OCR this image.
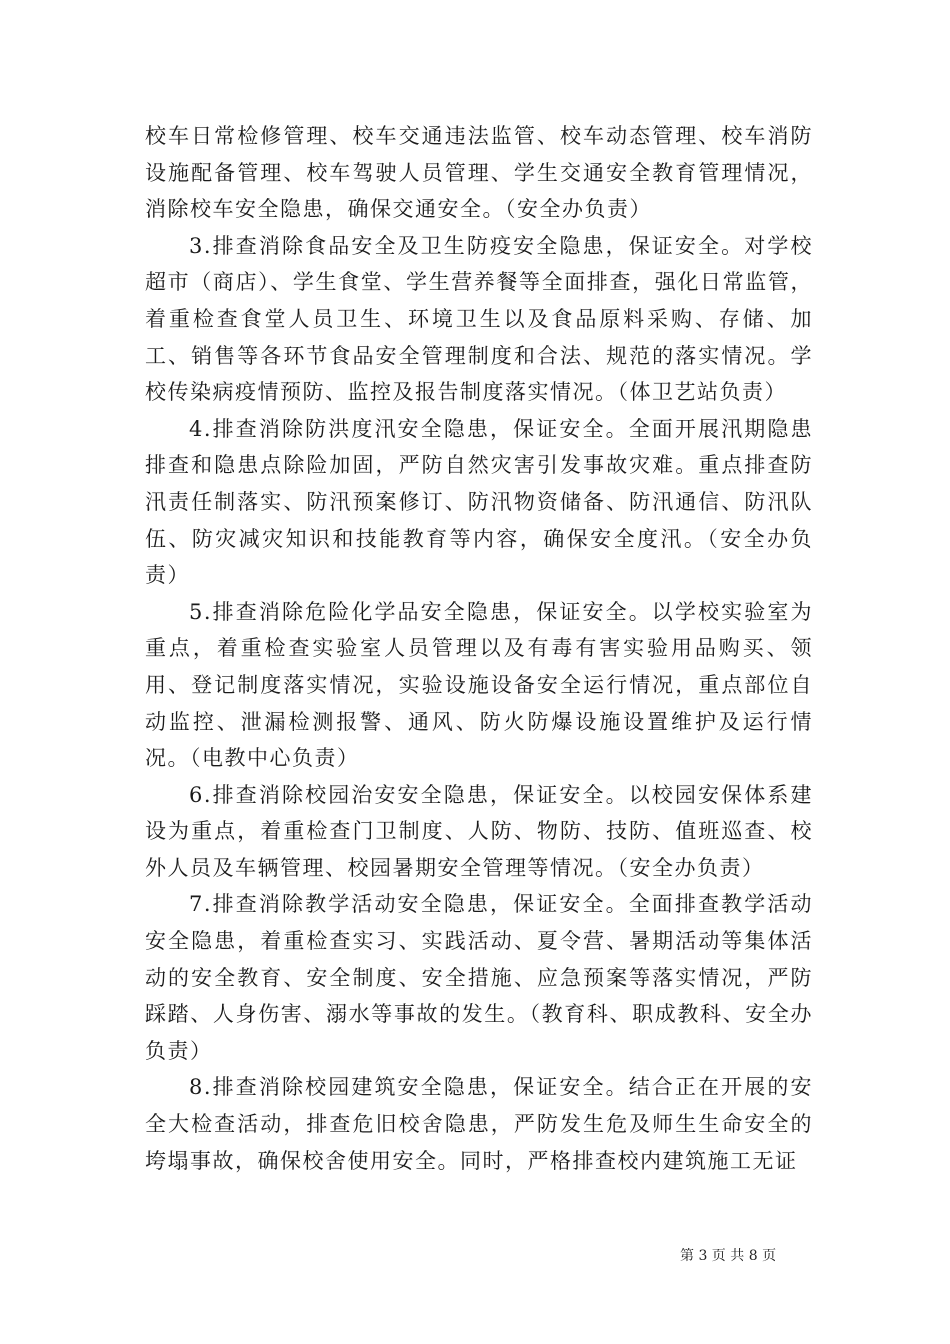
校车日常检修管理、校车交通违法监管、校车动态管理、校车消防设施配备管理、校车驾驶人员管理、学生交通安全教育管理情况，消除校车安全隐患，确保交通安全。（安全办负责）

3.排查消除食品安全及卫生防疫安全隐患，保证安全。对学校超市（商店）、学生食堂、学生营养餐等全面排查，强化日常监管，着重检查食堂人员卫生、环境卫生以及食品原料采购、存储、加工、销售等各环节食品安全管理制度和合法、规范的落实情况。学校传染病疫情预防、监控及报告制度落实情况。（体卫艺站负责）

4.排查消除防洪度汛安全隐患，保证安全。全面开展汛期隐患排查和隐患点除险加固，严防自然灾害引发事故灾难。重点排查防汛责任制落实、防汛预案修订、防汛物资储备、防汛通信、防汛队伍、防灾减灾知识和技能教育等内容，确保安全度汛。（安全办负责）

5.排查消除危险化学品安全隐患，保证安全。以学校实验室为重点，着重检查实验室人员管理以及有毒有害实验用品购买、领用、登记制度落实情况，实验设施设备安全运行情况，重点部位自动监控、泄漏检测报警、通风、防火防爆设施设置维护及运行情况。（电教中心负责）

6.排查消除校园治安安全隐患，保证安全。以校园安保体系建设为重点，着重检查门卫制度、人防、物防、技防、值班巡查、校外人员及车辆管理、校园暑期安全管理等情况。（安全办负责）

7.排查消除教学活动安全隐患，保证安全。全面排查教学活动安全隐患，着重检查实习、实践活动、夏令营、暑期活动等集体活动的安全教育、安全制度、安全措施、应急预案等落实情况，严防踩踏、人身伤害、溺水等事故的发生。（教育科、职成教科、安全办负责）

8.排查消除校园建筑安全隐患，保证安全。结合正在开展的安全大检查活动，排查危旧校舍隐患，严防发生危及师生生命安全的垮塌事故，确保校舍使用安全。同时，严格排查校内建筑施工无证

第 3 页 共 8 页
